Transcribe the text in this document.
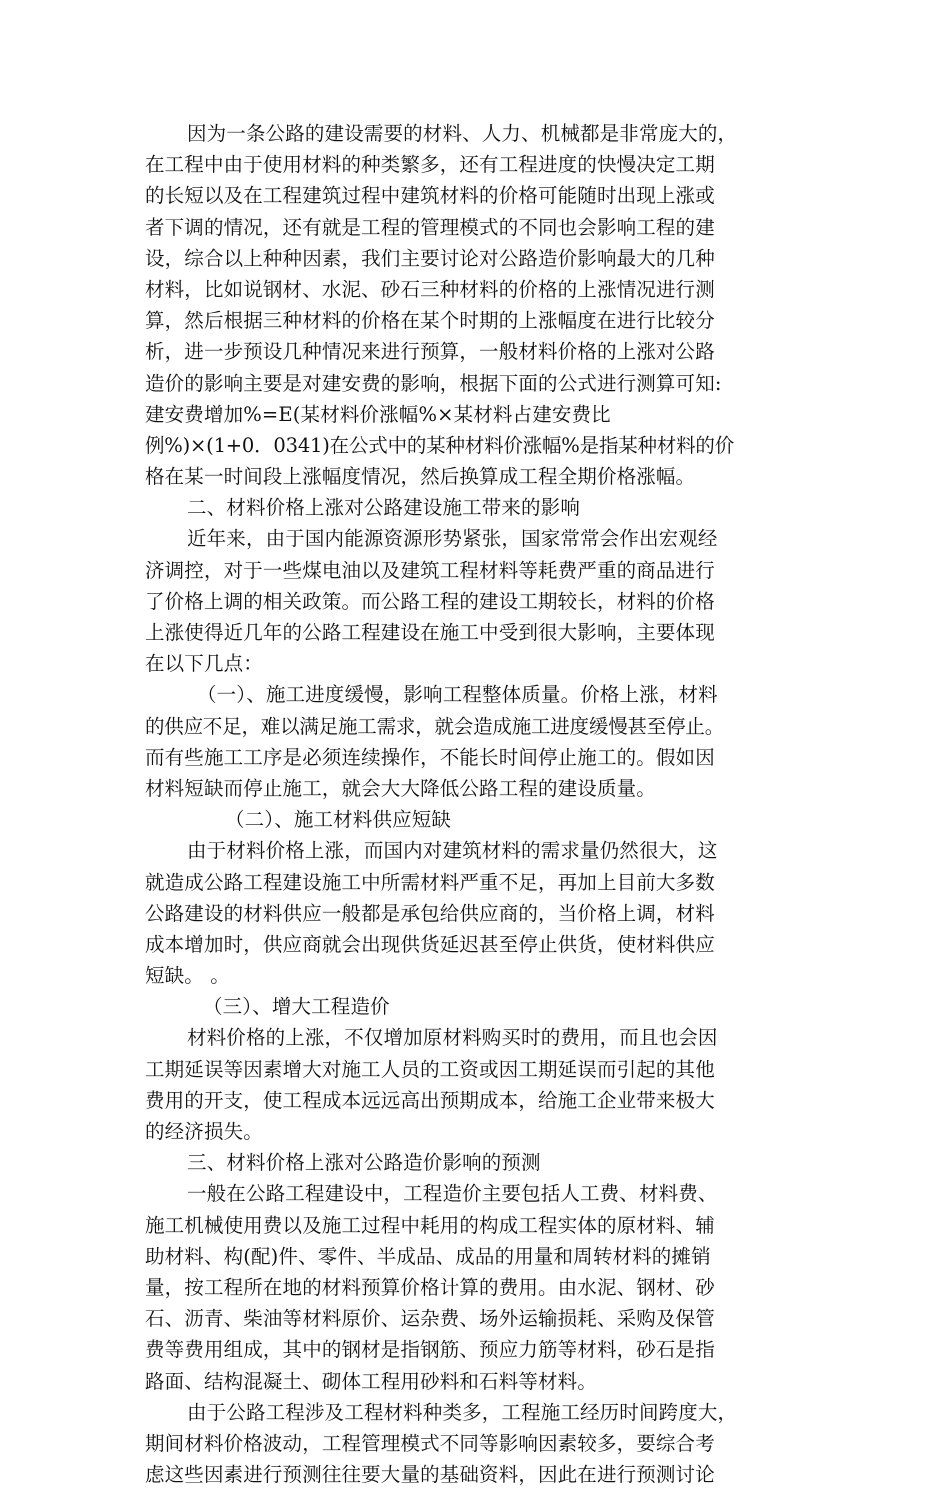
因为一条公路的建设需要的材料、人力、机械都是非常庞大的，
在工程中由于使用材料的种类繁多，还有工程进度的快慢决定工期
的长短以及在工程建筑过程中建筑材料的价格可能随时出现上涨或
者下调的情况，还有就是工程的管理模式的不同也会影响工程的建
设，综合以上种种因素，我们主要讨论对公路造价影响最大的几种
材料，比如说钢材、水泥、砂石三种材料的价格的上涨情况进行测
算，然后根据三种材料的价格在某个时期的上涨幅度在进行比较分
析，进一步预设几种情况来进行预算，一般材料价格的上涨对公路
造价的影响主要是对建安费的影响，根据下面的公式进行测算可知:
建安费增加%=E(某材料价涨幅%×某材料占建安费比
例%)×(1+0．0341)在公式中的某种材料价涨幅%是指某种材料的价
格在某一时间段上涨幅度情况，然后换算成工程全期价格涨幅。
二、材料价格上涨对公路建设施工带来的影响
近年来，由于国内能源资源形势紧张，国家常常会作出宏观经
济调控，对于一些煤电油以及建筑工程材料等耗费严重的商品进行
了价格上调的相关政策。而公路工程的建设工期较长，材料的价格
上涨使得近几年的公路工程建设在施工中受到很大影响，主要体现
在以下几点：
（一）、施工进度缓慢，影响工程整体质量。价格上涨，材料
的供应不足，难以满足施工需求，就会造成施工进度缓慢甚至停止。
而有些施工工序是必须连续操作，不能长时间停止施工的。假如因
材料短缺而停止施工，就会大大降低公路工程的建设质量。
（二）、施工材料供应短缺
由于材料价格上涨，而国内对建筑材料的需求量仍然很大，这
就造成公路工程建设施工中所需材料严重不足，再加上目前大多数
公路建设的材料供应一般都是承包给供应商的，当价格上调，材料
成本增加时，供应商就会出现供货延迟甚至停止供货，使材料供应
短缺。 。
（三）、增大工程造价
材料价格的上涨，不仅增加原材料购买时的费用，而且也会因
工期延误等因素增大对施工人员的工资或因工期延误而引起的其他
费用的开支，使工程成本远远高出预期成本，给施工企业带来极大
的经济损失。
三、材料价格上涨对公路造价影响的预测
一般在公路工程建设中，工程造价主要包括人工费、材料费、
施工机械使用费以及施工过程中耗用的构成工程实体的原材料、辅
助材料、构(配)件、零件、半成品、成品的用量和周转材料的摊销
量，按工程所在地的材料预算价格计算的费用。由水泥、钢材、砂
石、沥青、柴油等材料原价、运杂费、场外运输损耗、采购及保管
费等费用组成，其中的钢材是指钢筋、预应力筋等材料，砂石是指
路面、结构混凝土、砌体工程用砂料和石料等材料。
由于公路工程涉及工程材料种类多，工程施工经历时间跨度大，
期间材料价格波动，工程管理模式不同等影响因素较多，要综合考
虑这些因素进行预测往往要大量的基础资料，因此在进行预测讨论
